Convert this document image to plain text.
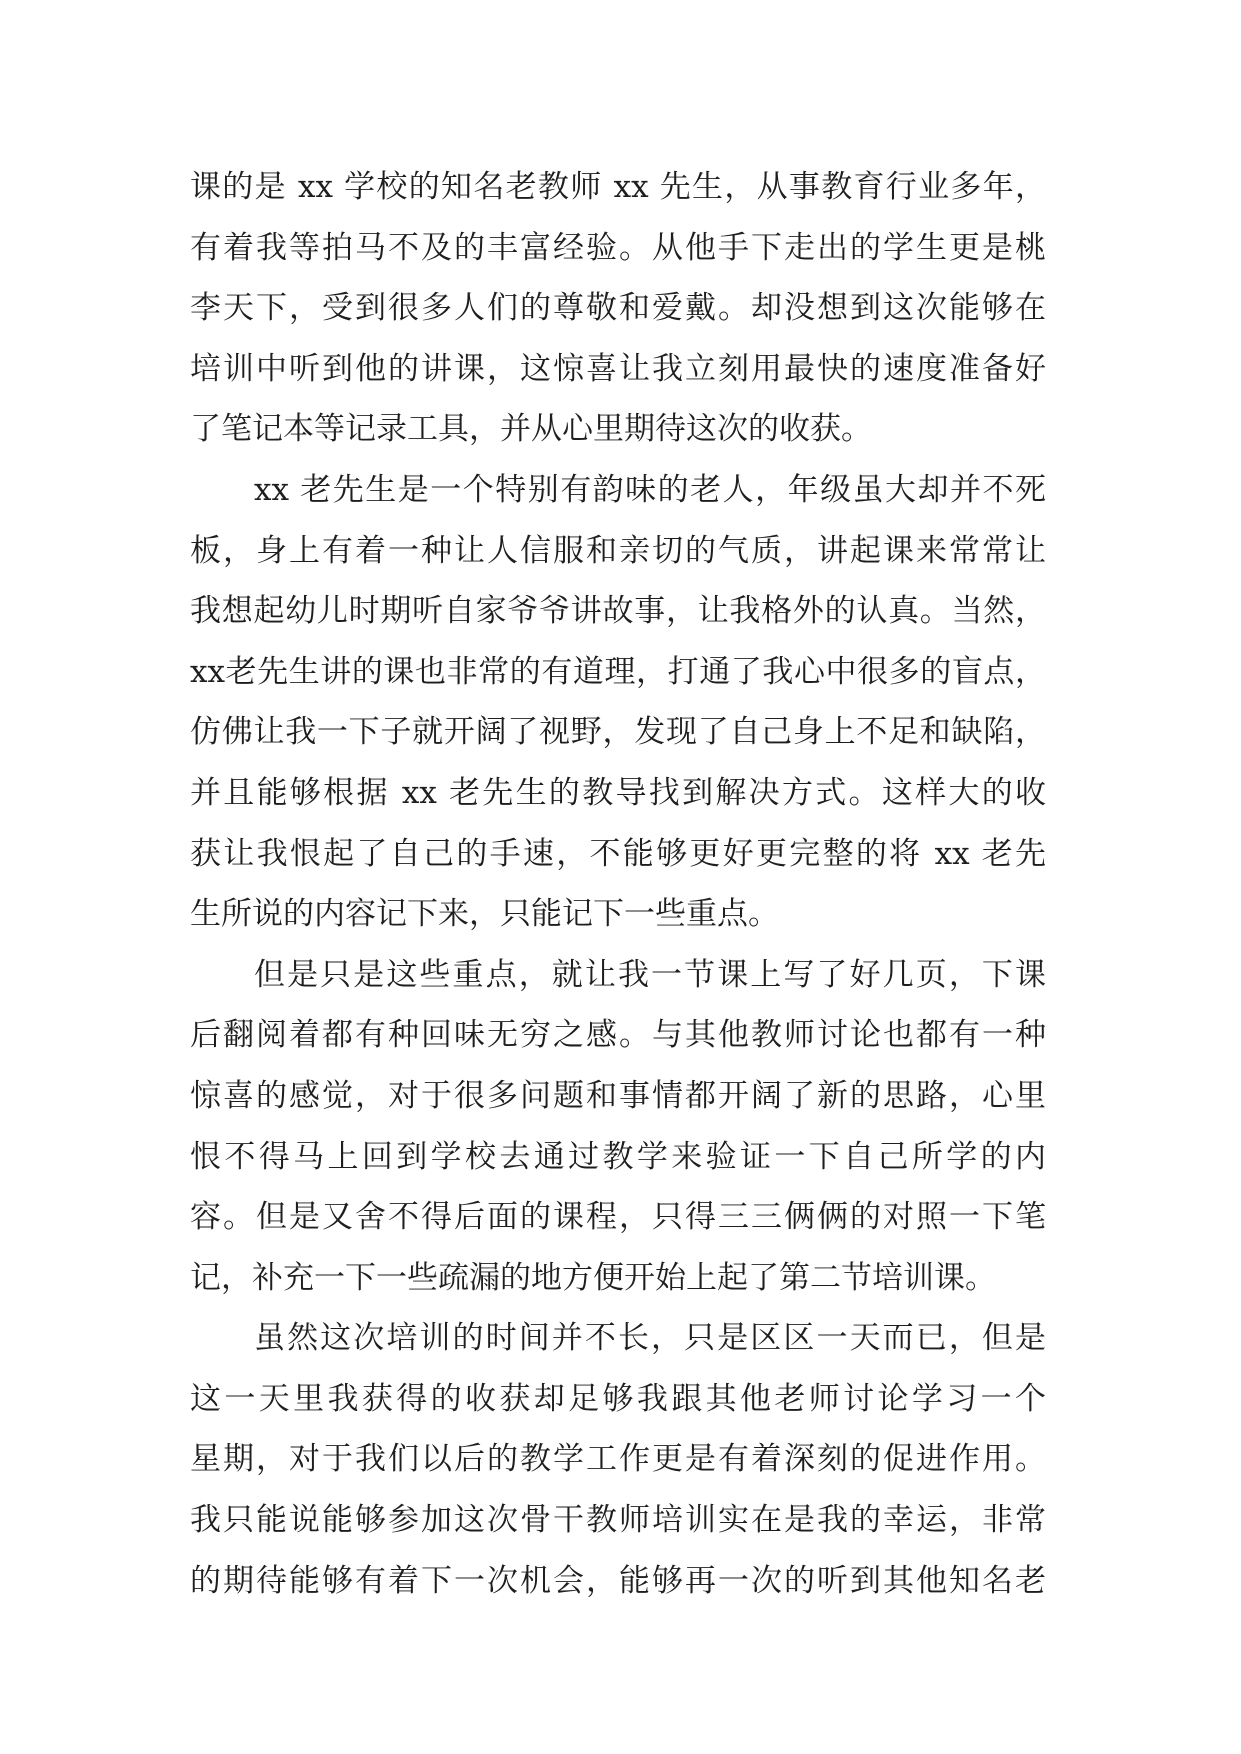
课的是 xx 学校的知名老教师 xx 先生，从事教育行业多年，
有着我等拍马不及的丰富经验。从他手下走出的学生更是桃
李天下，受到很多人们的尊敬和爱戴。却没想到这次能够在
培训中听到他的讲课，这惊喜让我立刻用最快的速度准备好
了笔记本等记录工具，并从心里期待这次的收获。
xx 老先生是一个特别有韵味的老人，年级虽大却并不死
板，身上有着一种让人信服和亲切的气质，讲起课来常常让
我想起幼儿时期听自家爷爷讲故事，让我格外的认真。当然，
xx老先生讲的课也非常的有道理，打通了我心中很多的盲点，
仿佛让我一下子就开阔了视野，发现了自己身上不足和缺陷，
并且能够根据 xx 老先生的教导找到解决方式。这样大的收
获让我恨起了自己的手速，不能够更好更完整的将 xx 老先
生所说的内容记下来，只能记下一些重点。
但是只是这些重点，就让我一节课上写了好几页，下课
后翻阅着都有种回味无穷之感。与其他教师讨论也都有一种
惊喜的感觉，对于很多问题和事情都开阔了新的思路，心里
恨不得马上回到学校去通过教学来验证一下自己所学的内
容。但是又舍不得后面的课程，只得三三俩俩的对照一下笔
记，补充一下一些疏漏的地方便开始上起了第二节培训课。
虽然这次培训的时间并不长，只是区区一天而已，但是
这一天里我获得的收获却足够我跟其他老师讨论学习一个
星期，对于我们以后的教学工作更是有着深刻的促进作用。
我只能说能够参加这次骨干教师培训实在是我的幸运，非常
的期待能够有着下一次机会，能够再一次的听到其他知名老
